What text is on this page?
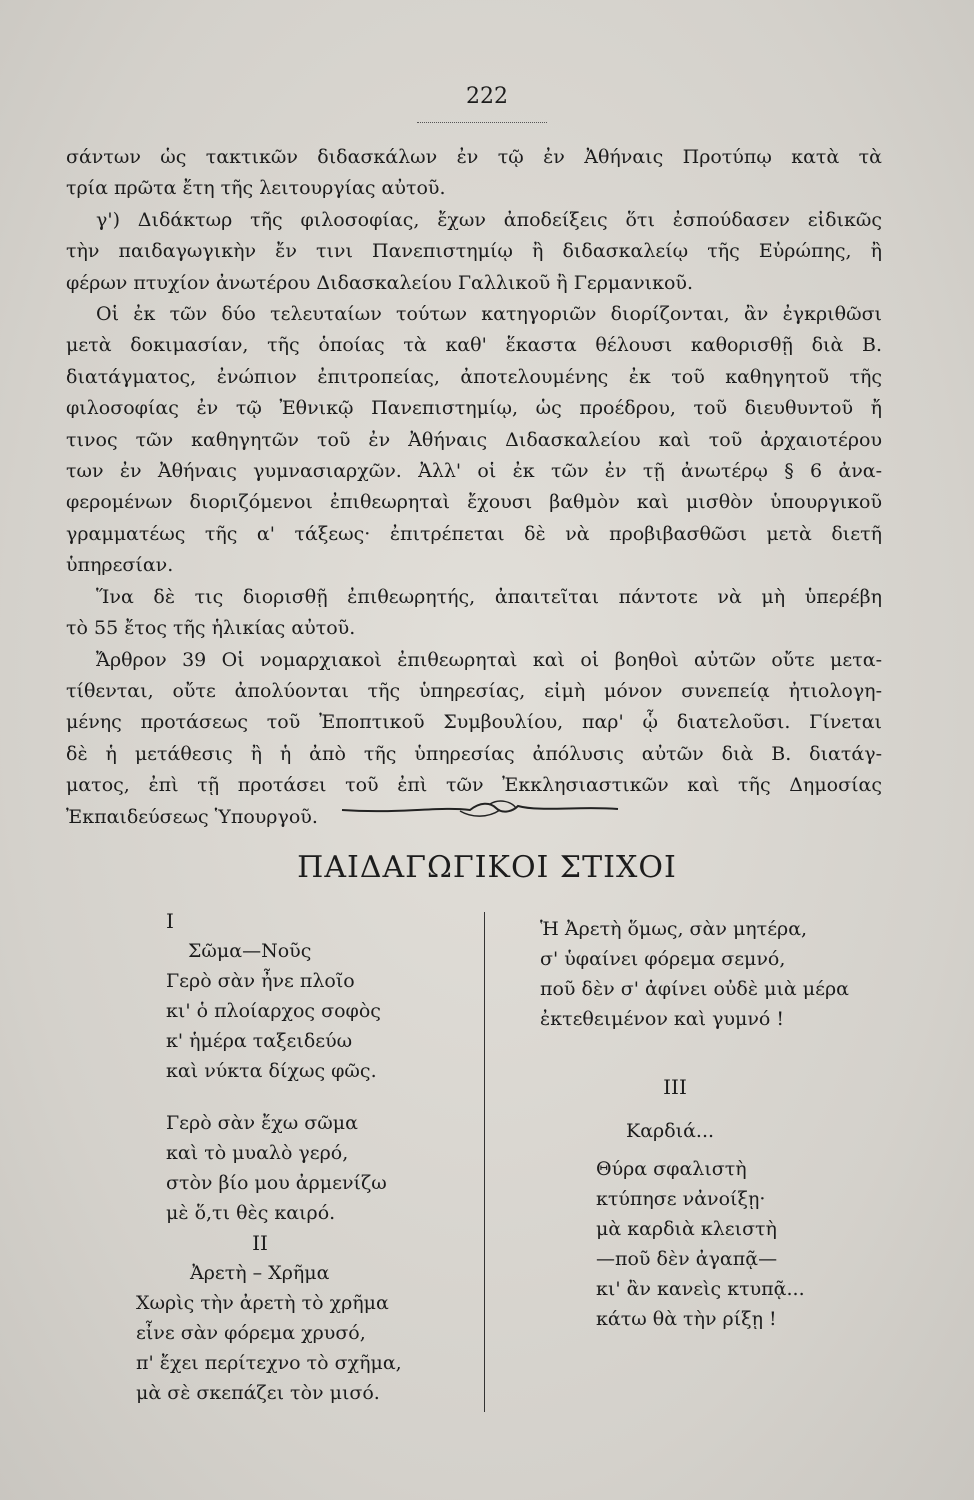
222
σάντων ὡς τακτικῶν διδασκάλων ἐν τῷ ἐν Ἀθήναις Προτύπῳ κατὰ τὰ
τρία πρῶτα ἔτη τῆς λειτουργίας αὐτοῦ.
γ') Διδάκτωρ τῆς φιλοσοφίας, ἔχων ἀποδείξεις ὅτι ἐσπούδασεν εἰδικῶς
τὴν παιδαγωγικὴν ἔν τινι Πανεπιστημίῳ ἢ διδασκαλείῳ τῆς Εὐρώπης, ἢ
φέρων πτυχίον ἀνωτέρου Διδασκαλείου Γαλλικοῦ ἢ Γερμανικοῦ.
Οἱ ἐκ τῶν δύο τελευταίων τούτων κατηγοριῶν διορίζονται, ἂν ἐγκριθῶσι
μετὰ δοκιμασίαν, τῆς ὁποίας τὰ καθ' ἕκαστα θέλουσι καθορισθῇ διὰ Β.
διατάγματος, ἐνώπιον ἐπιτροπείας, ἀποτελουμένης ἐκ τοῦ καθηγητοῦ τῆς
φιλοσοφίας ἐν τῷ Ἐθνικῷ Πανεπιστημίῳ, ὡς προέδρου, τοῦ διευθυντοῦ ἤ
τινος τῶν καθηγητῶν τοῦ ἐν Ἀθήναις Διδασκαλείου καὶ τοῦ ἀρχαιοτέρου
των ἐν Ἀθήναις γυμνασιαρχῶν. Ἀλλ' οἱ ἐκ τῶν ἐν τῇ ἀνωτέρῳ § 6 ἀνα-
φερομένων διοριζόμενοι ἐπιθεωρηταὶ ἔχουσι βαθμὸν καὶ μισθὸν ὑπουργικοῦ
γραμματέως τῆς α' τάξεως· ἐπιτρέπεται δὲ νὰ προβιβασθῶσι μετὰ διετῆ
ὑπηρεσίαν.
Ἵνα δὲ τις διορισθῇ ἐπιθεωρητής, ἀπαιτεῖται πάντοτε νὰ μὴ ὑπερέβη
τὸ 55 ἔτος τῆς ἡλικίας αὐτοῦ.
Ἄρθρον 39 Οἱ νομαρχιακοὶ ἐπιθεωρηταὶ καὶ οἱ βοηθοὶ αὐτῶν οὔτε μετα-
τίθενται, οὔτε ἀπολύονται τῆς ὑπηρεσίας, εἰμὴ μόνον συνεπείᾳ ἠτιολογη-
μένης προτάσεως τοῦ Ἐποπτικοῦ Συμβουλίου, παρ' ᾧ διατελοῦσι. Γίνεται
δὲ ἡ μετάθεσις ἢ ἡ ἀπὸ τῆς ὑπηρεσίας ἀπόλυσις αὐτῶν διὰ Β. διατάγ-
ματος, ἐπὶ τῇ προτάσει τοῦ ἐπὶ τῶν Ἐκκλησιαστικῶν καὶ τῆς Δημοσίας
Ἐκπαιδεύσεως Ὑπουργοῦ.
ΠΑΙΔΑΓΩΓΙΚΟΙ ΣΤΙΧΟΙ
I
Σῶμα—Νοῦς
Γερὸ σὰν ἦνε πλοῖο
κι' ὁ πλοίαρχος σοφὸς
κ' ἡμέρα ταξειδεύω
καὶ νύκτα δίχως φῶς.
Γερὸ σὰν ἔχω σῶμα
καὶ τὸ μυαλὸ γερό,
στὸν βίο μου ἀρμενίζω
μὲ ὅ,τι θὲς καιρό.
II
Ἀρετὴ – Χρῆμα
Χωρὶς τὴν ἀρετὴ τὸ χρῆμα
εἶνε σὰν φόρεμα χρυσό,
π' ἔχει περίτεχνο τὸ σχῆμα,
μὰ σὲ σκεπάζει τὸν μισό.
Ἡ Ἀρετὴ ὅμως, σὰν μητέρα,
σ' ὑφαίνει φόρεμα σεμνό,
ποῦ δὲν σ' ἀφίνει οὐδὲ μιὰ μέρα
ἐκτεθειμένον καὶ γυμνό !
III
Καρδιά...
Θύρα σφαλιστὴ
κτύπησε νἀνοίξῃ·
μὰ καρδιὰ κλειστὴ
—ποῦ δὲν ἀγαπᾷ—
κι' ἂν κανεὶς κτυπᾷ...
κάτω θὰ τὴν ρίξῃ !
